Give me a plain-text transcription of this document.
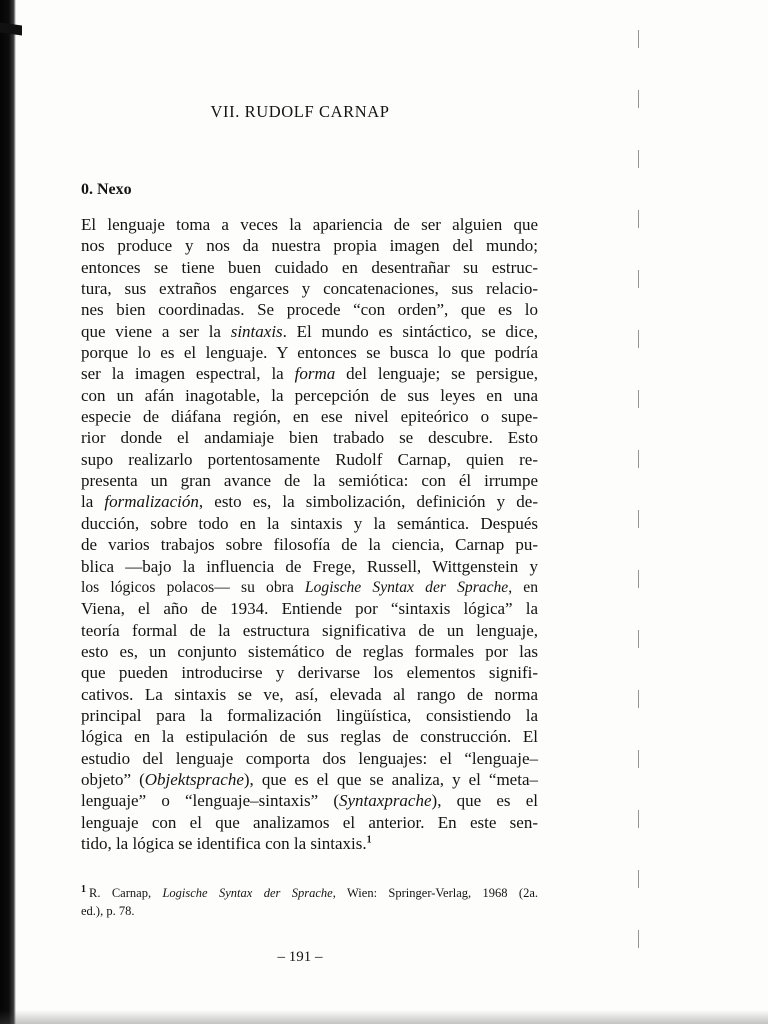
VII. RUDOLF CARNAP
0. Nexo
El lenguaje toma a veces la apariencia de ser alguien que
nos produce y nos da nuestra propia imagen del mundo;
entonces se tiene buen cuidado en desentrañar su estruc-
tura, sus extraños engarces y concatenaciones, sus relacio-
nes bien coordinadas. Se procede “con orden”, que es lo
que viene a ser la sintaxis. El mundo es sintáctico, se dice,
porque lo es el lenguaje. Y entonces se busca lo que podría
ser la imagen espectral, la forma del lenguaje; se persigue,
con un afán inagotable, la percepción de sus leyes en una
especie de diáfana región, en ese nivel epiteórico o supe-
rior donde el andamiaje bien trabado se descubre. Esto
supo realizarlo portentosamente Rudolf Carnap, quien re-
presenta un gran avance de la semiótica: con él irrumpe
la formalización, esto es, la simbolización, definición y de-
ducción, sobre todo en la sintaxis y la semántica. Después
de varios trabajos sobre filosofía de la ciencia, Carnap pu-
blica —bajo la influencia de Frege, Russell, Wittgenstein y
los lógicos polacos— su obra Logische Syntax der Sprache, en
Viena, el año de 1934. Entiende por “sintaxis lógica” la
teoría formal de la estructura significativa de un lenguaje,
esto es, un conjunto sistemático de reglas formales por las
que pueden introducirse y derivarse los elementos signifi-
cativos. La sintaxis se ve, así, elevada al rango de norma
principal para la formalización lingüística, consistiendo la
lógica en la estipulación de sus reglas de construcción. El
estudio del lenguaje comporta dos lenguajes: el “lenguaje–
objeto” (Objektsprache), que es el que se analiza, y el “meta–
lenguaje” o “lenguaje–sintaxis” (Syntaxprache), que es el
lenguaje con el que analizamos el anterior. En este sen-
tido, la lógica se identifica con la sintaxis.$^1$
$^1$ R. Carnap, Logische Syntax der Sprache, Wien: Springer-Verlag, 1968 (2a.
ed.), p. 78.
– 191 –
